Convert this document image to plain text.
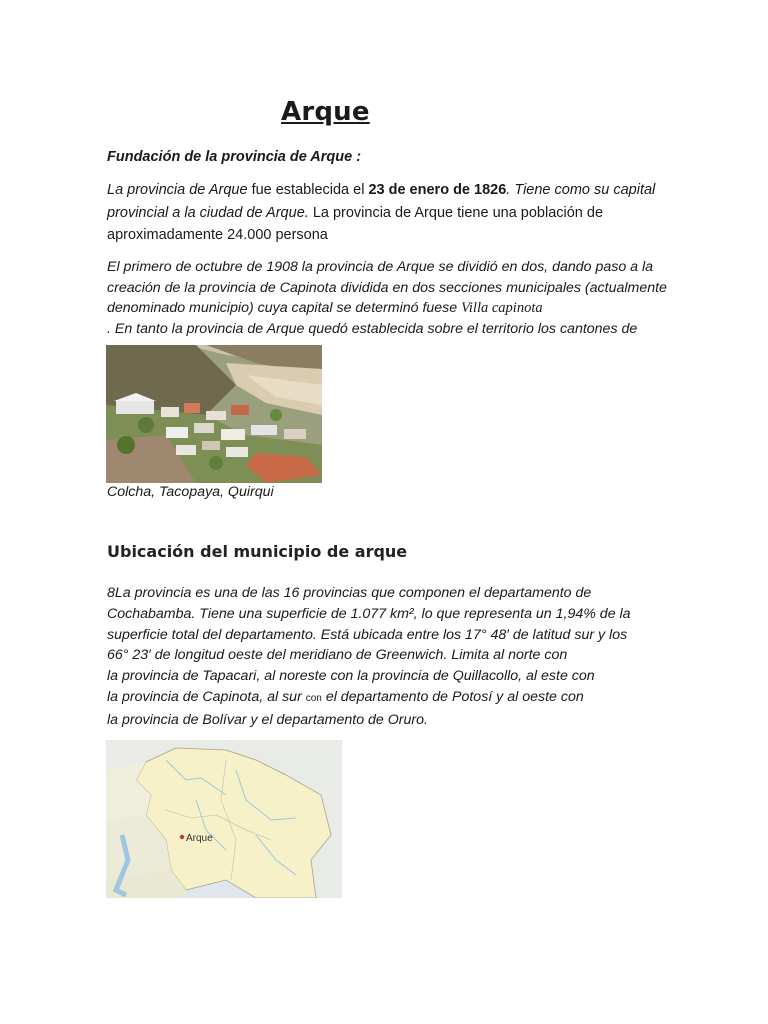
Arque

Fundación de la provincia de Arque :

La provincia de Arque fue establecida el 23 de enero de 1826. Tiene como su capital provincial a la ciudad de Arque. La provincia de Arque tiene una población de aproximadamente 24.000 persona

El primero de octubre de 1908 la provincia de Arque se dividió en dos, dando paso a la creación de la provincia de Capinota dividida en dos secciones municipales (actualmente denominado municipio) cuya capital se determinó fuese Villa capinota
. En tanto la provincia de Arque quedó establecida sobre el territorio los cantones de

Colcha, Tacopaya, Quirqui

Ubicación del municipio de arque

8La provincia es una de las 16 provincias que componen el departamento de
Cochabamba. Tiene una superficie de 1.077 km², lo que representa un 1,94% de la
superficie total del departamento. Está ubicada entre los 17° 48′ de latitud sur y los
66° 23′ de longitud oeste del meridiano de Greenwich. Limita al norte con
la provincia de Tapacari, al noreste con la provincia de Quillacollo, al este con
la provincia de Capinota, al sur con el departamento de Potosí y al oeste con
la provincia de Bolívar y el departamento de Oruro.

Arque
